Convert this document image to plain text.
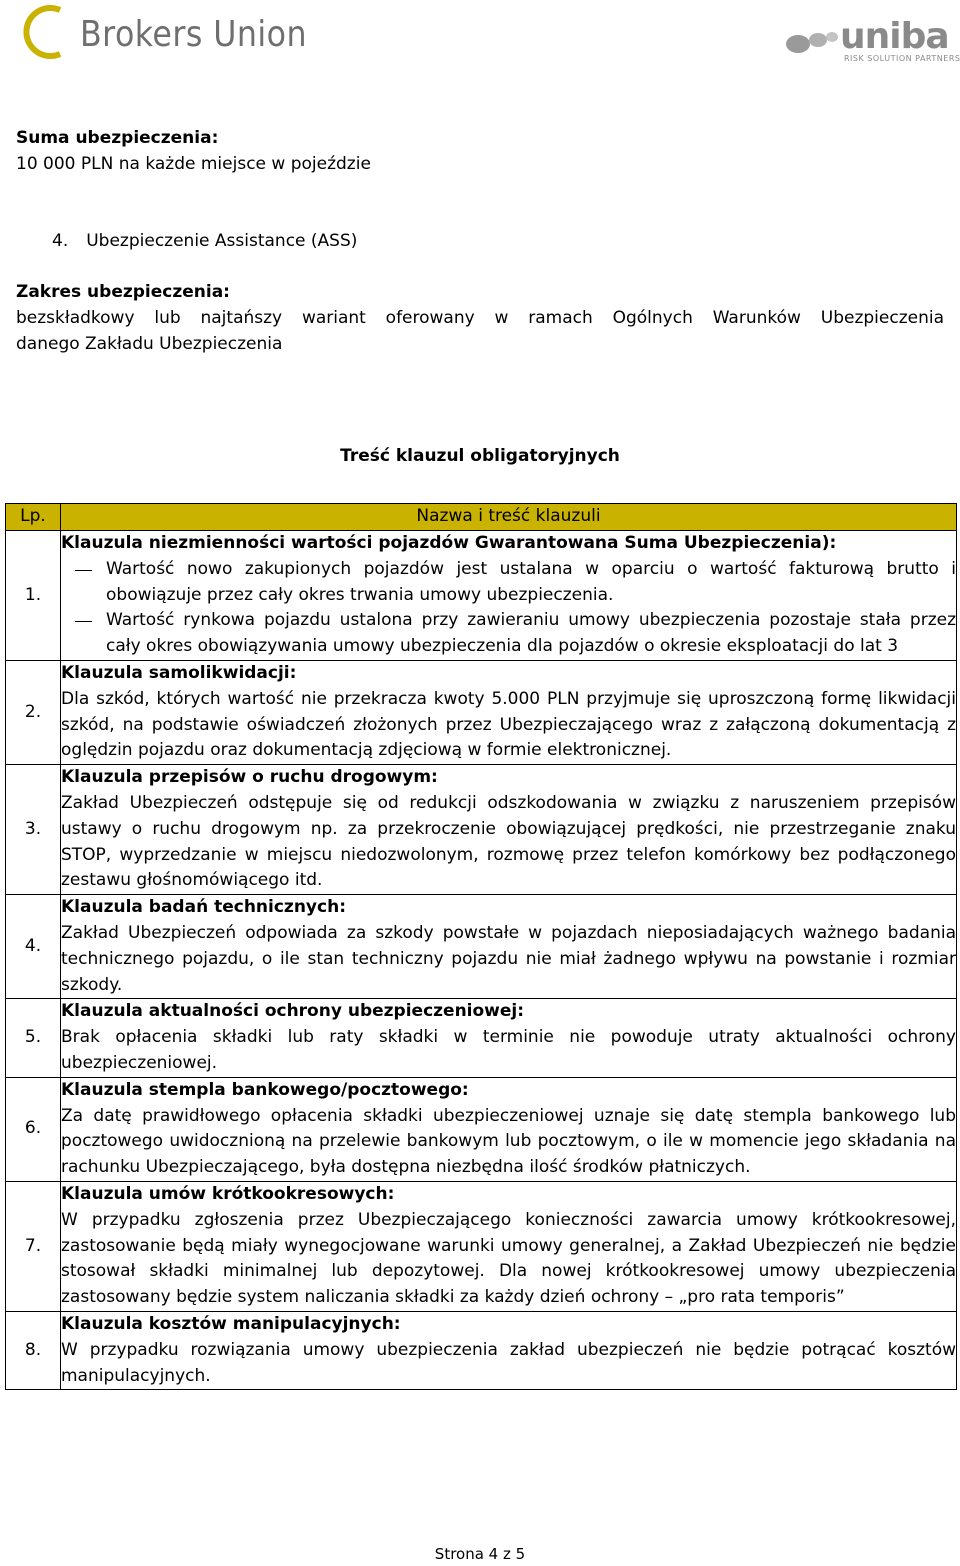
Brokers Union	uniba
RISK SOLUTION PARTNERS
Suma ubezpieczenia:
10 000 PLN na każde miejsce w pojeździe
4. Ubezpieczenie Assistance (ASS)
Zakres ubezpieczenia:
bezskładkowy lub najtańszy wariant oferowany w ramach Ogólnych Warunków Ubezpieczenia
danego Zakładu Ubezpieczenia
Treść klauzul obligatoryjnych
Lp.	Nazwa i treść klauzuli
1.	Klauzula niezmienności wartości pojazdów Gwarantowana Suma Ubezpieczenia):
Wartość nowo zakupionych pojazdów jest ustalana w oparciu o wartość fakturową brutto i obowiązuje przez cały okres trwania umowy ubezpieczenia.
Wartość rynkowa pojazdu ustalona przy zawieraniu umowy ubezpieczenia pozostaje stała przez cały okres obowiązywania umowy ubezpieczenia dla pojazdów o okresie eksploatacji do lat 3

2.	Klauzula samolikwidacji:
Dla szkód, których wartość nie przekracza kwoty 5.000 PLN przyjmuje się uproszczoną formę likwidacji szkód, na podstawie oświadczeń złożonych przez Ubezpieczającego wraz z załączoną dokumentacją z oględzin pojazdu oraz dokumentacją zdjęciową w formie elektronicznej.
3.	Klauzula przepisów o ruchu drogowym:
Zakład Ubezpieczeń odstępuje się od redukcji odszkodowania w związku z naruszeniem przepisów ustawy o ruchu drogowym np. za przekroczenie obowiązującej prędkości, nie przestrzeganie znaku STOP, wyprzedzanie w miejscu niedozwolonym, rozmowę przez telefon komórkowy bez podłączonego zestawu głośnomówiącego itd.
4.	Klauzula badań technicznych:
Zakład Ubezpieczeń odpowiada za szkody powstałe w pojazdach nieposiadających ważnego badania technicznego pojazdu, o ile stan techniczny pojazdu nie miał żadnego wpływu na powstanie i rozmiar szkody.
5.	Klauzula aktualności ochrony ubezpieczeniowej:
Brak opłacenia składki lub raty składki w terminie nie powoduje utraty aktualności ochrony ubezpieczeniowej.
6.	Klauzula stempla bankowego/pocztowego:
Za datę prawidłowego opłacenia składki ubezpieczeniowej uznaje się datę stempla bankowego lub pocztowego uwidocznioną na przelewie bankowym lub pocztowym, o ile w momencie jego składania na rachunku Ubezpieczającego, była dostępna niezbędna ilość środków płatniczych.
7.	Klauzula umów krótkookresowych:
W przypadku zgłoszenia przez Ubezpieczającego konieczności zawarcia umowy krótkookresowej, zastosowanie będą miały wynegocjowane warunki umowy generalnej, a Zakład Ubezpieczeń nie będzie stosował składki minimalnej lub depozytowej. Dla nowej krótkookresowej umowy ubezpieczenia zastosowany będzie system naliczania składki za każdy dzień ochrony – „pro rata temporis”
8.	Klauzula kosztów manipulacyjnych:
W przypadku rozwiązania umowy ubezpieczenia zakład ubezpieczeń nie będzie potrącać kosztów manipulacyjnych.
Strona 4 z 5
